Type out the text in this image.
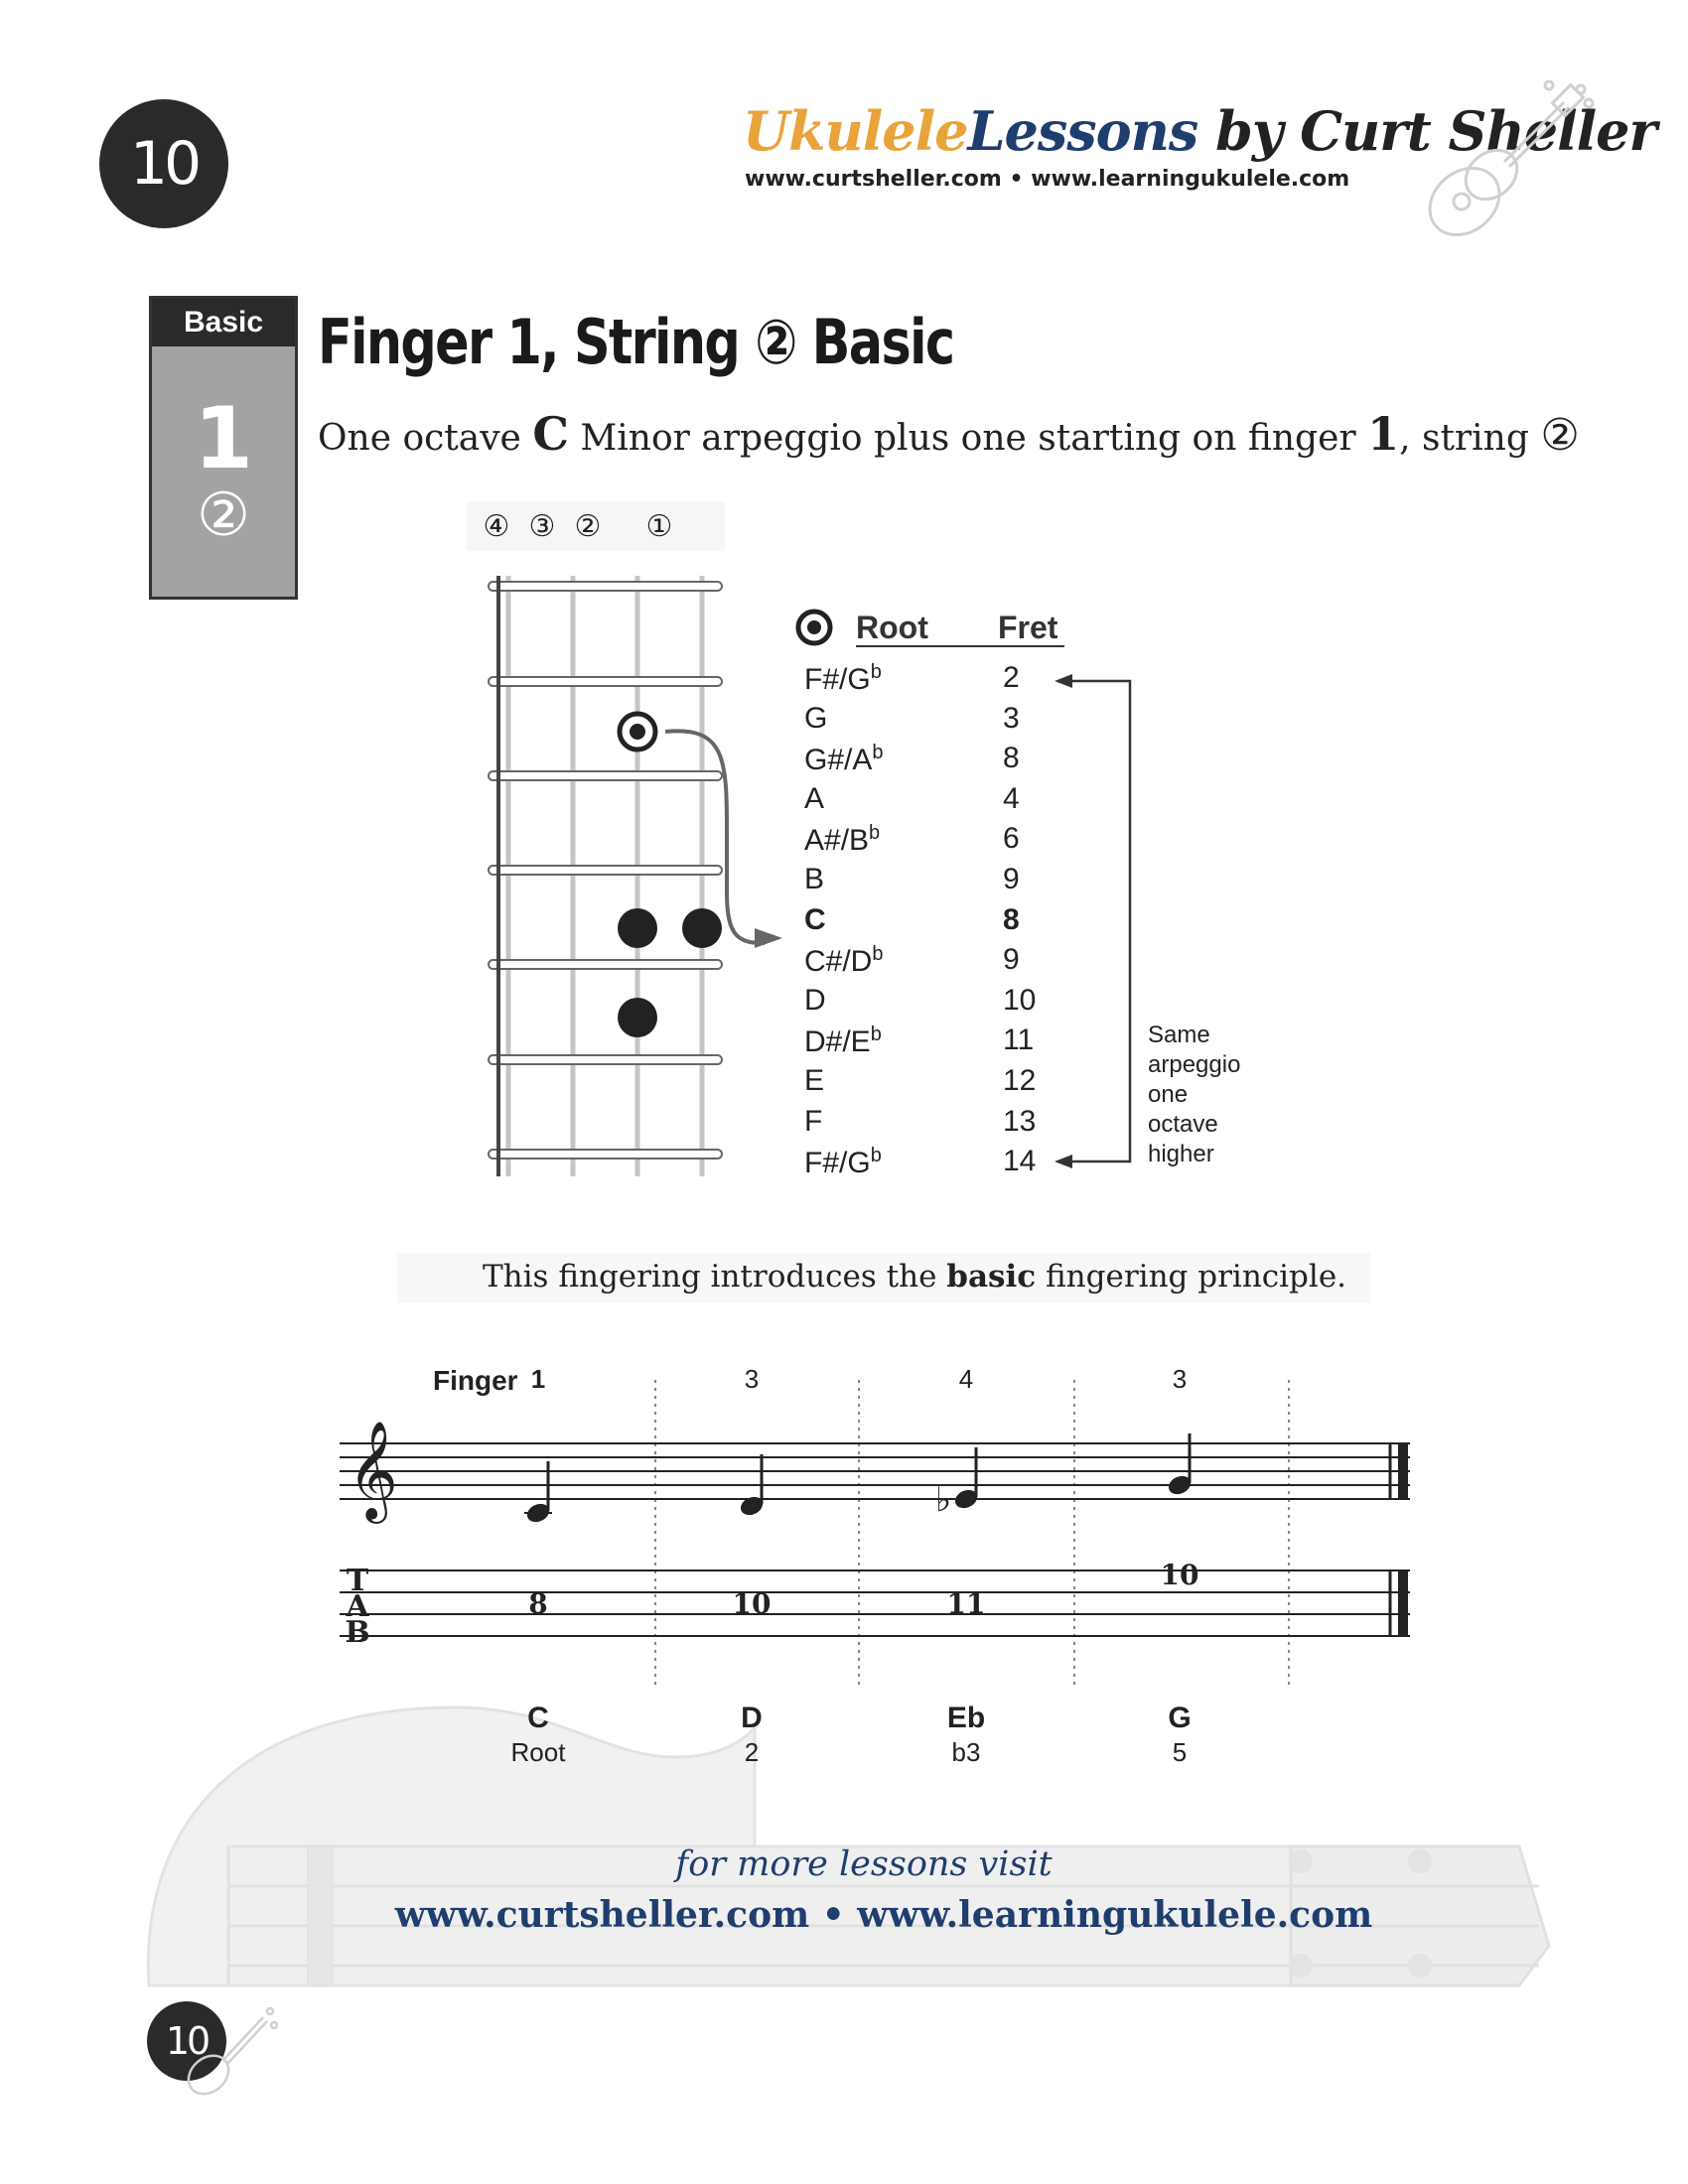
10	UkuleleLessons by Curt Sheller
www.curtsheller.com • www.learningukulele.com
Basic
1
②
Finger 1, String ② Basic
One octave C Minor arpeggio plus one starting on finger 1, string ②
④ ③ ② ①
Root Fret
$F\#/G^b$	2
G	3
$G\#/A^b$	8
A	4
$A\#/B^b$	6
B	9
C	8
$C\#/D^b$	9
D	10
$D\#/E^b$	11
E	12
F	13
$F\#/G^b$	14
Same
arpeggio
one
octave
higher
This fingering introduces the basic fingering principle.
Finger 1	3	4	3
𝄞	♭
T
A
B
8	10	11
10
C	D	Eb	G
Root	2	b3	5
for more lessons visit
www.curtsheller.com • www.learningukulele.com
10
